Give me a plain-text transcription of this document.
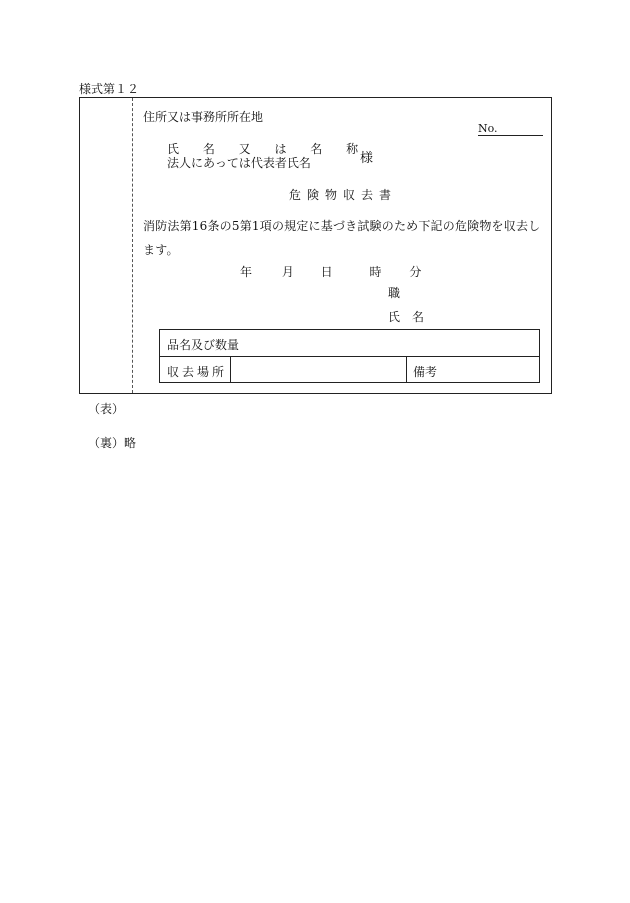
様式第１２
住所又は事務所所在地
No.
氏 名 又 は 名 称
法人にあっては代表者氏名	様
危険物収去書
消防法第16条の5第1項の規定に基づき試験のため下記の危険物を収去します。
年 月 日	時 分
職
氏　名
品名及び数量
収去場所	備考
（表）
（裏）略
